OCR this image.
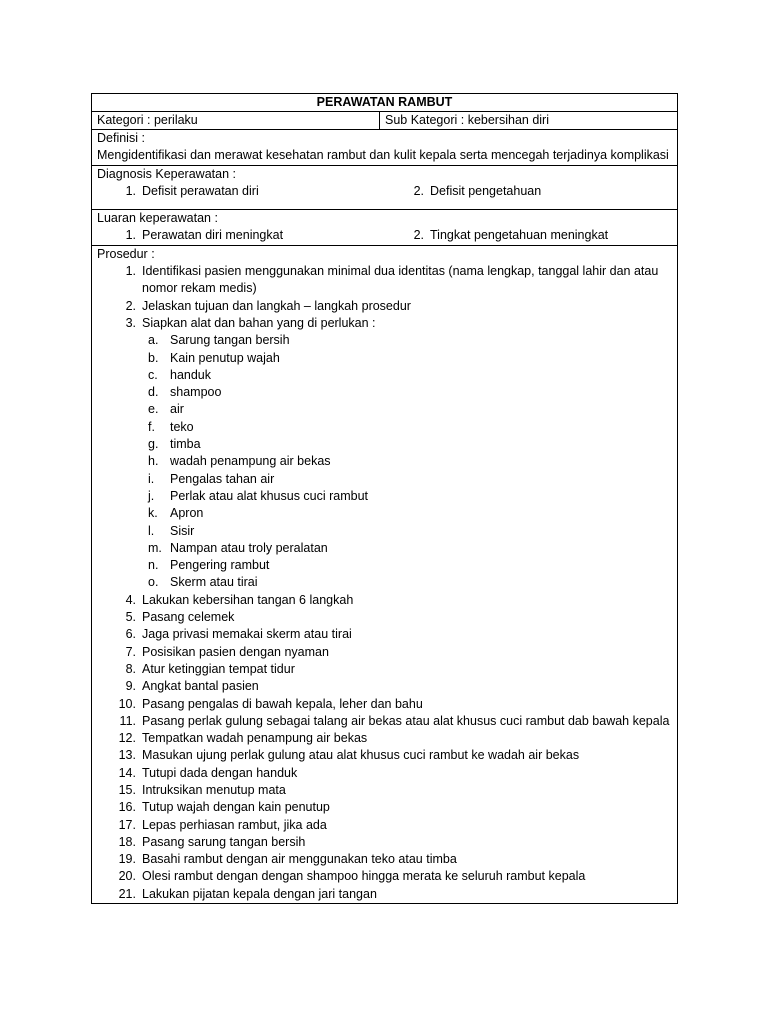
PERAWATAN RAMBUT
Kategori : perilaku	Sub Kategori : kebersihan diri
Definisi :
Mengidentifikasi dan merawat kesehatan rambut dan kulit kepala serta mencegah terjadinya komplikasi
Diagnosis Keperawatan :
1. Defisit perawatan diri	2. Defisit pengetahuan
Luaran keperawatan :
1. Perawatan diri meningkat	2. Tingkat pengetahuan meningkat
Prosedur :
1. Identifikasi pasien menggunakan minimal dua identitas (nama lengkap, tanggal lahir dan atau nomor rekam medis)
2. Jelaskan tujuan dan langkah – langkah prosedur
3. Siapkan alat dan bahan yang di perlukan :
a. Sarung tangan bersih
b. Kain penutup wajah
c. handuk
d. shampoo
e. air
f.	teko
g. timba
h. wadah penampung air bekas
i.	Pengalas tahan air
j.	Perlak atau alat khusus cuci rambut
k. Apron
l.	Sisir
m. Nampan atau troly peralatan
n. Pengering rambut
o. Skerm atau tirai
4. Lakukan kebersihan tangan 6 langkah
5. Pasang celemek
6. Jaga privasi memakai skerm atau tirai
7. Posisikan pasien dengan nyaman
8. Atur ketinggian tempat tidur
9. Angkat bantal pasien
10. Pasang pengalas di bawah kepala, leher dan bahu
11. Pasang perlak gulung sebagai talang air bekas atau alat khusus cuci rambut dab bawah kepala
12. Tempatkan wadah penampung air bekas
13. Masukan ujung perlak gulung atau alat khusus cuci rambut ke wadah air bekas
14. Tutupi dada dengan handuk
15. Intruksikan menutup mata
16. Tutup wajah dengan kain penutup
17. Lepas perhiasan rambut, jika ada
18. Pasang sarung tangan bersih
19. Basahi rambut dengan air menggunakan teko atau timba
20. Olesi rambut dengan dengan shampoo hingga merata ke seluruh rambut kepala
21. Lakukan pijatan kepala dengan jari tangan
